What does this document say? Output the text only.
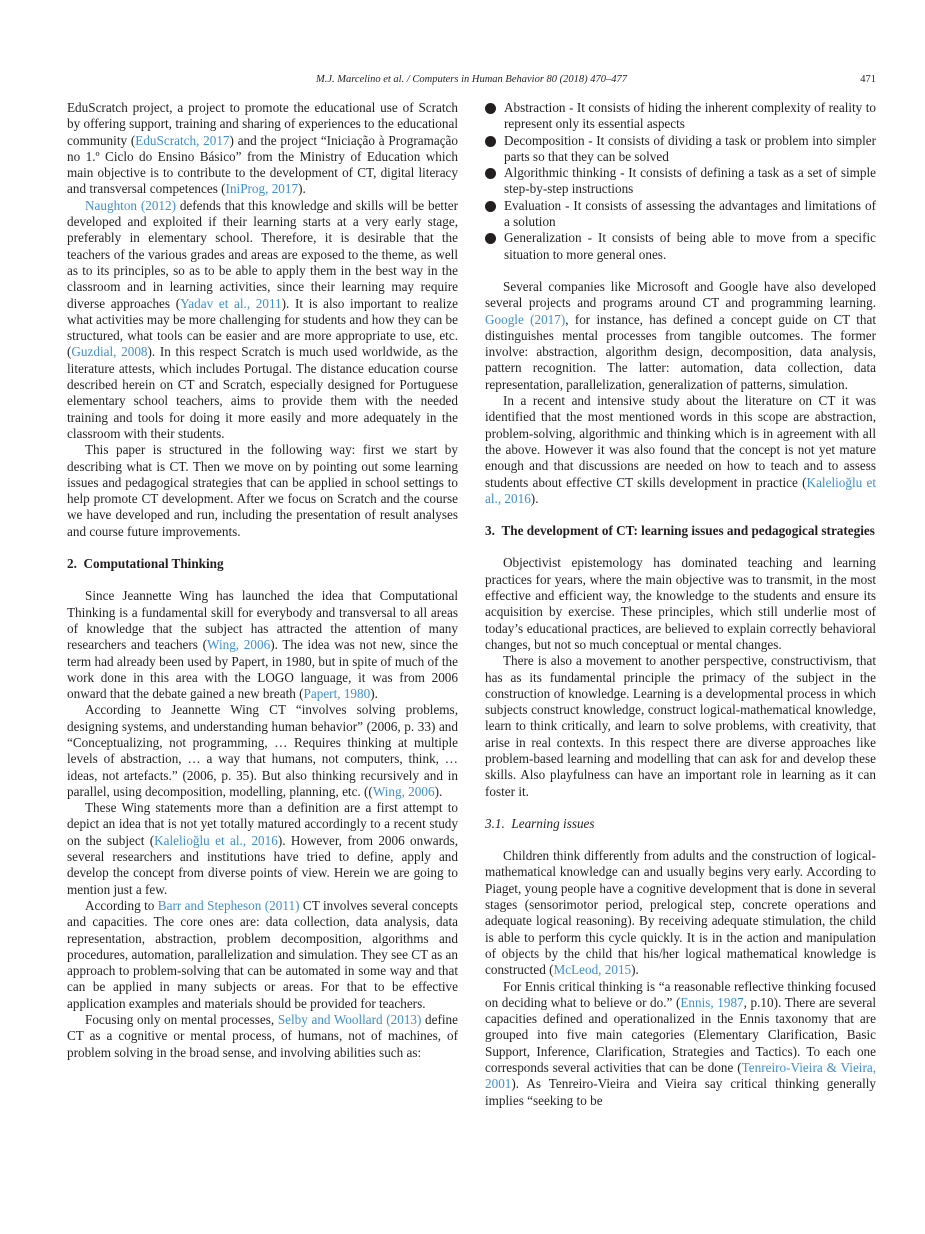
M.J. Marcelino et al. / Computers in Human Behavior 80 (2018) 470–477	471

EduScratch project, a project to promote the educational use of Scratch by offering support, training and sharing of experiences to the educational community (EduScratch, 2017) and the project “Iniciação à Programação no 1.º Ciclo do Ensino Básico” from the Ministry of Education which main objective is to contribute to the development of CT, digital literacy and transversal competences (IniProg, 2017).

Naughton (2012) defends that this knowledge and skills will be better developed and exploited if their learning starts at a very early stage, preferably in elementary school. Therefore, it is desirable that the teachers of the various grades and areas are exposed to the theme, as well as to its principles, so as to be able to apply them in the best way in the classroom and in learning activities, since their learning may require diverse approaches (Yadav et al., 2011). It is also important to realize what activities may be more challenging for students and how they can be structured, what tools can be easier and are more appropriate to use, etc. (Guzdial, 2008). In this respect Scratch is much used worldwide, as the literature attests, which includes Portugal. The distance education course described herein on CT and Scratch, especially designed for Portuguese elementary school teachers, aims to provide them with the needed training and tools for doing it more easily and more adequately in the classroom with their students.

This paper is structured in the following way: first we start by describing what is CT. Then we move on by pointing out some learning issues and pedagogical strategies that can be applied in school settings to help promote CT development. After we focus on Scratch and the course we have developed and run, including the presentation of result analyses and course future improvements.

2. Computational Thinking

Since Jeannette Wing has launched the idea that Computational Thinking is a fundamental skill for everybody and transversal to all areas of knowledge that the subject has attracted the attention of many researchers and teachers (Wing, 2006). The idea was not new, since the term had already been used by Papert, in 1980, but in spite of much of the work done in this area with the LOGO language, it was from 2006 onward that the debate gained a new breath (Papert, 1980).

According to Jeannette Wing CT “involves solving problems, designing systems, and understanding human behavior” (2006, p. 33) and “Conceptualizing, not programming, … Requires thinking at multiple levels of abstraction, … a way that humans, not computers, think, … ideas, not artefacts.” (2006, p. 35). But also thinking recursively and in parallel, using decomposition, modelling, planning, etc. ((Wing, 2006).

These Wing statements more than a definition are a first attempt to depict an idea that is not yet totally matured accordingly to a recent study on the subject (Kalelioğlu et al., 2016). However, from 2006 onwards, several researchers and institutions have tried to define, apply and develop the concept from diverse points of view. Herein we are going to mention just a few.

According to Barr and Stepheson (2011) CT involves several concepts and capacities. The core ones are: data collection, data analysis, data representation, abstraction, problem decomposition, algorithms and procedures, automation, parallelization and simulation. They see CT as an approach to problem-solving that can be automated in some way and that can be applied in many subjects or areas. For that to be effective application examples and materials should be provided for teachers.

Focusing only on mental processes, Selby and Woollard (2013) define CT as a cognitive or mental process, of humans, not of machines, of problem solving in the broad sense, and involving abilities such as:

Abstraction - It consists of hiding the inherent complexity of reality to represent only its essential aspects
Decomposition - It consists of dividing a task or problem into simpler parts so that they can be solved
Algorithmic thinking - It consists of defining a task as a set of simple step-by-step instructions
Evaluation - It consists of assessing the advantages and limitations of a solution
Generalization - It consists of being able to move from a specific situation to more general ones.

Several companies like Microsoft and Google have also developed several projects and programs around CT and programming learning. Google (2017), for instance, has defined a concept guide on CT that distinguishes mental processes from tangible outcomes. The former involve: abstraction, algorithm design, decomposition, data analysis, pattern recognition. The latter: automation, data collection, data representation, parallelization, generalization of patterns, simulation.

In a recent and intensive study about the literature on CT it was identified that the most mentioned words in this scope are abstraction, problem-solving, algorithmic and thinking which is in agreement with all the above. However it was also found that the concept is not yet mature enough and that discussions are needed on how to teach and to assess students about effective CT skills development in practice (Kalelioğlu et al., 2016).

3. The development of CT: learning issues and pedagogical strategies

Objectivist epistemology has dominated teaching and learning practices for years, where the main objective was to transmit, in the most effective and efficient way, the knowledge to the students and ensure its acquisition by exercise. These principles, which still underlie most of today’s educational practices, are believed to explain correctly behavioral changes, but not so much conceptual or mental changes.

There is also a movement to another perspective, constructivism, that has as its fundamental principle the primacy of the subject in the construction of knowledge. Learning is a developmental process in which subjects construct knowledge, construct logical-mathematical knowledge, learn to think critically, and learn to solve problems, with creativity, that arise in real contexts. In this respect there are diverse approaches like problem-based learning and modelling that can ask for and develop these skills. Also playfulness can have an important role in learning as it can foster it.

3.1. Learning issues

Children think differently from adults and the construction of logical-mathematical knowledge can and usually begins very early. According to Piaget, young people have a cognitive development that is done in several stages (sensorimotor period, prelogical step, concrete operations and adequate logical reasoning). By receiving adequate stimulation, the child is able to perform this cycle quickly. It is in the action and manipulation of objects by the child that his/her logical mathematical knowledge is constructed (McLeod, 2015).

For Ennis critical thinking is “a reasonable reflective thinking focused on deciding what to believe or do.” (Ennis, 1987, p.10). There are several capacities defined and operationalized in the Ennis taxonomy that are grouped into five main categories (Elementary Clarification, Basic Support, Inference, Clarification, Strategies and Tactics). To each one corresponds several activities that can be done (Tenreiro-Vieira & Vieira, 2001). As Tenreiro-Vieira and Vieira say critical thinking generally implies “seeking to be
